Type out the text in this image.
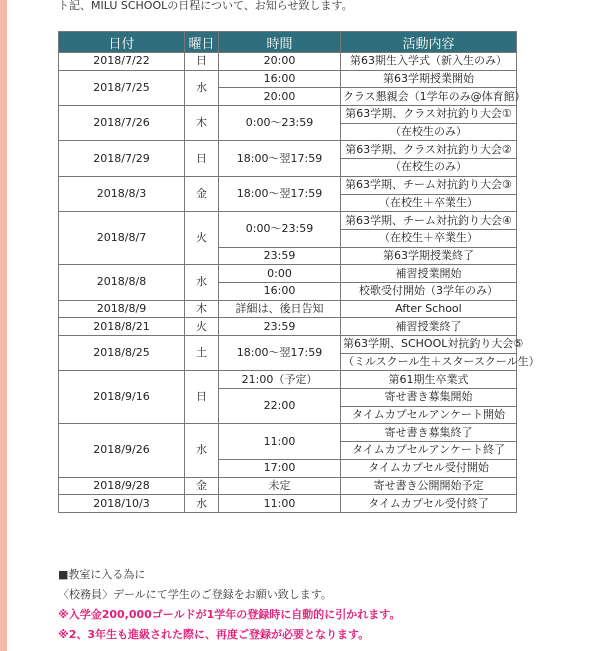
ト記、MILU SCHOOLの日程について、お知らせ致します。
日付	曜日	時間	活動内容
2018/7/22	日	20:00	第63期生入学式（新入生のみ）
2018/7/25	水	16:00	第63学期授業開始
		20:00	クラス懇親会（1学年のみ@体育館）
2018/7/26	木	0:00～23:59	第63学期、クラス対抗釣り大会①
			（在校生のみ）
2018/7/29	日	18:00～翌17:59	第63学期、クラス対抗釣り大会②
			（在校生のみ）
2018/8/3	金	18:00～翌17:59	第63学期、チーム対抗釣り大会③
			（在校生＋卒業生）
2018/8/7	火	0:00～23:59	第63学期、チーム対抗釣り大会④
			（在校生＋卒業生）
		23:59	第63学期授業終了
2018/8/8	水	0:00	補習授業開始
		16:00	校歌受付開始（3学年のみ）
2018/8/9	木	詳細は、後日告知	After School
2018/8/21	火	23:59	補習授業終了
2018/8/25	土	18:00～翌17:59	第63学期、SCHOOL対抗釣り大会⑤
			（ミルスクール生＋スタースクール生）
2018/9/16	日	21:00（予定）	第61期生卒業式
		22:00	寄せ書き募集開始
			タイムカプセルアンケート開始
2018/9/26	水	11:00	寄せ書き募集終了
			タイムカプセルアンケート終了
		17:00	タイムカプセル受付開始
2018/9/28	金	未定	寄せ書き公開開始予定
2018/10/3	水	11:00	タイムカプセル受付終了
■教室に入る為に
〈校務員〉デールにて学生のご登録をお願い致します。
※入学金200,000ゴールドが1学年の登録時に自動的に引かれます。
※2、3年生も進級された際に、再度ご登録が必要となります。
